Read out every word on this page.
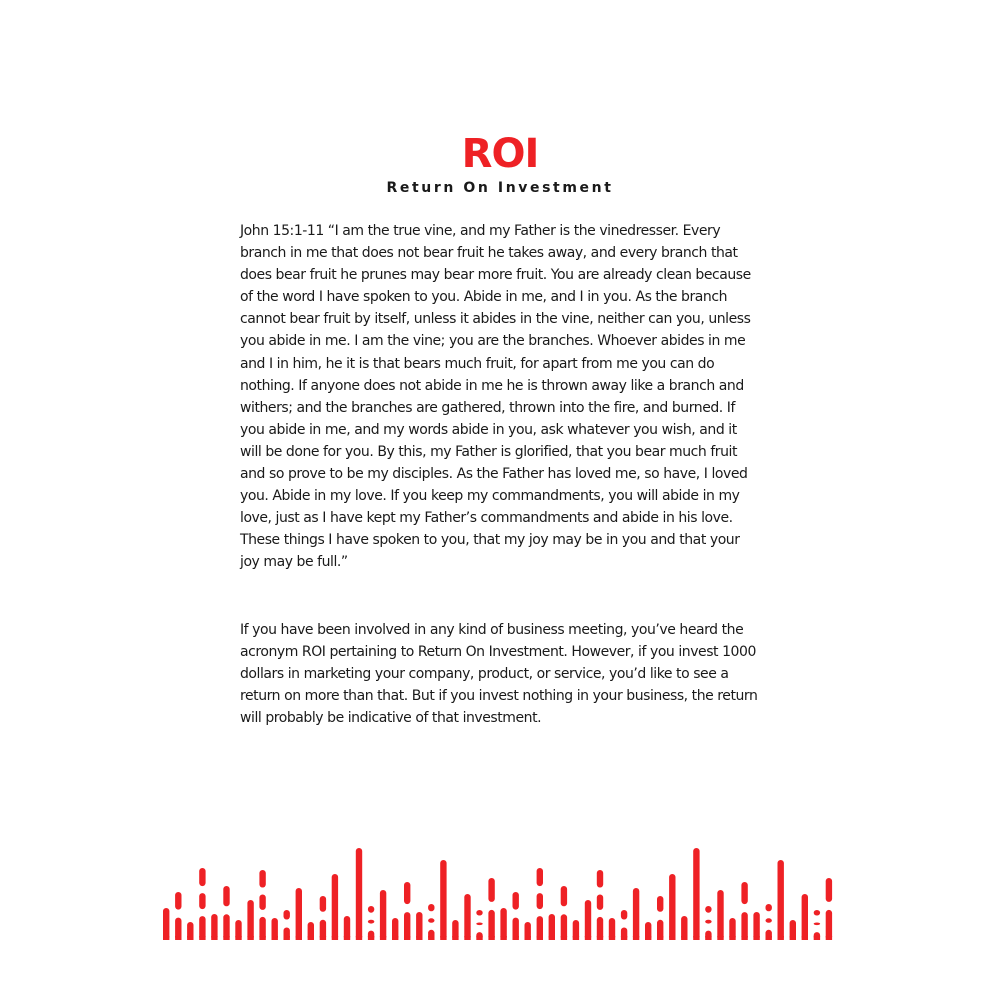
ROI
Return On Investment

John 15:1-11 “I am the true vine, and my Father is the vinedresser. Every branch in me that does not bear fruit he takes away, and every branch that does bear fruit he prunes may bear more fruit. You are already clean because of the word I have spoken to you. Abide in me, and I in you. As the branch cannot bear fruit by itself, unless it abides in the vine, neither can you, unless you abide in me. I am the vine; you are the branches. Whoever abides in me and I in him, he it is that bears much fruit, for apart from me you can do nothing. If anyone does not abide in me he is thrown away like a branch and withers; and the branches are gathered, thrown into the fire, and burned. If you abide in me, and my words abide in you, ask whatever you wish, and it will be done for you. By this, my Father is glorified, that you bear much fruit and so prove to be my disciples. As the Father has loved me, so have, I loved you. Abide in my love. If you keep my commandments, you will abide in my love, just as I have kept my Father’s commandments and abide in his love. These things I have spoken to you, that my joy may be in you and that your joy may be full.”

If you have been involved in any kind of business meeting, you’ve heard the acronym ROI pertaining to Return On Investment. However, if you invest 1000 dollars in marketing your company, product, or service, you’d like to see a return on more than that. But if you invest nothing in your business, the return will probably be indicative of that investment.
